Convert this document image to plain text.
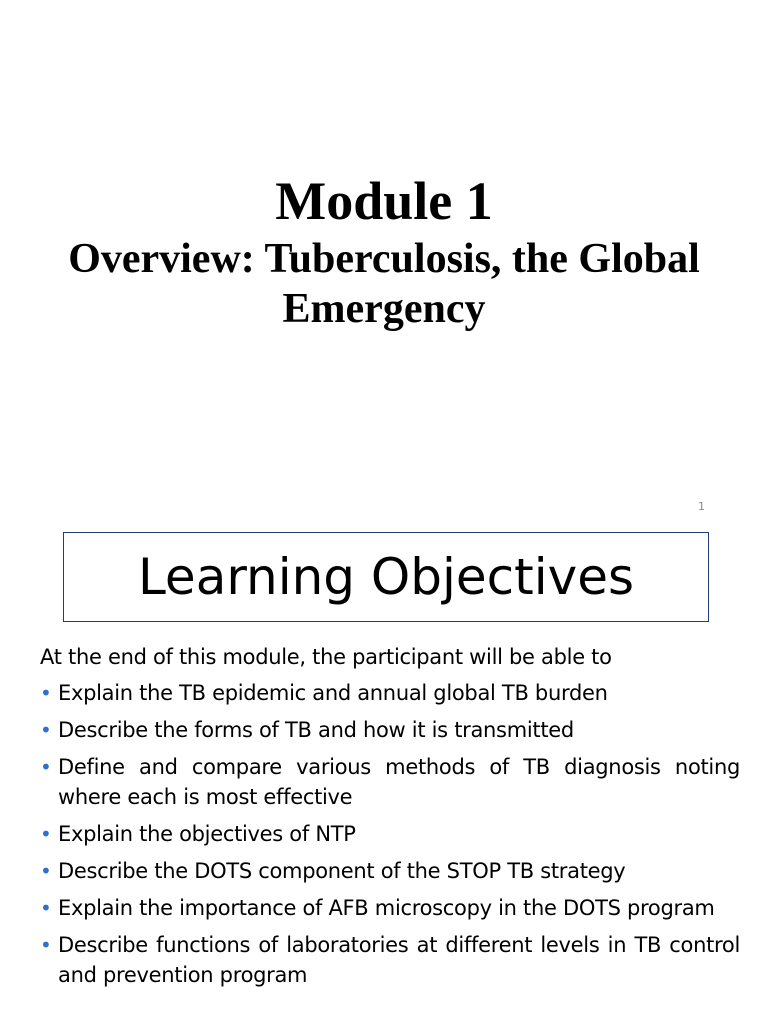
Module 1
Overview: Tuberculosis, the Global Emergency
1
Learning Objectives

At the end of this module, the participant will be able to

• Explain the TB epidemic and annual global TB burden
• Describe the forms of TB and how it is transmitted
• Define and compare various methods of TB diagnosis noting where each is most effective
• Explain the objectives of NTP
• Describe the DOTS component of the STOP TB strategy
• Explain the importance of AFB microscopy in the DOTS program
• Describe functions of laboratories at different levels in TB control and prevention program
